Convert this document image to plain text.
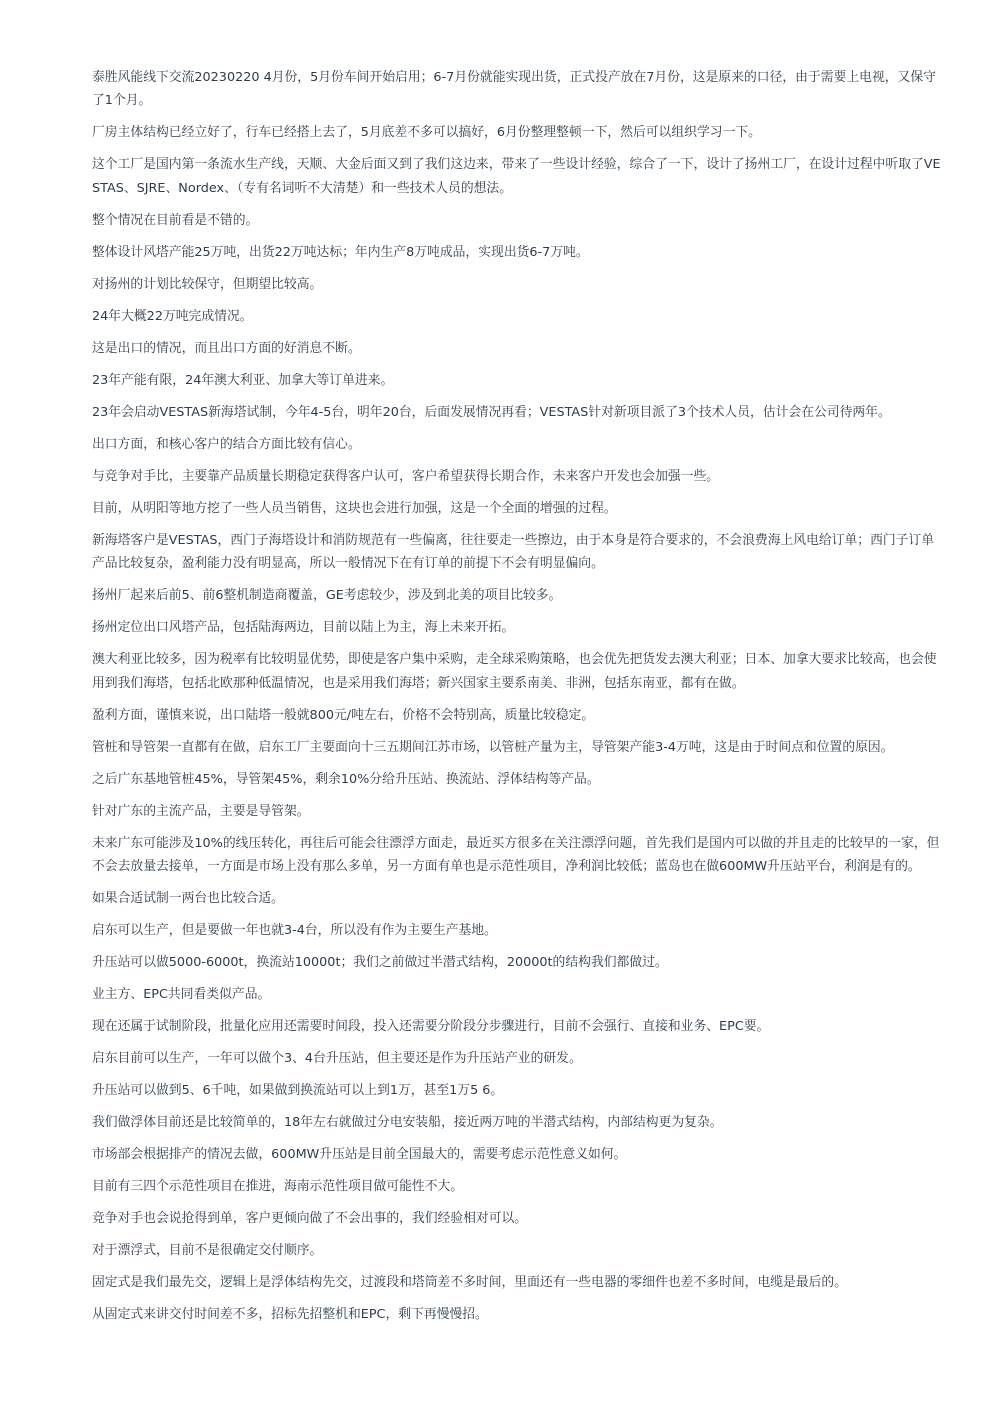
泰胜风能线下交流20230220 4月份，5月份车间开始启用；6-7月份就能实现出货，正式投产放在7月份，这是原来的口径，由于需要上电视，又保守了1个月。

厂房主体结构已经立好了，行车已经搭上去了，5月底差不多可以搞好，6月份整理整顿一下，然后可以组织学习一下。

这个工厂是国内第一条流水生产线，天顺、大金后面又到了我们这边来，带来了一些设计经验，综合了一下，设计了扬州工厂，在设计过程中听取了VESTAS、SJRE、Nordex、（专有名词听不大清楚）和一些技术人员的想法。

整个情况在目前看是不错的。

整体设计风塔产能25万吨，出货22万吨达标；年内生产8万吨成品，实现出货6-7万吨。

对扬州的计划比较保守，但期望比较高。

24年大概22万吨完成情况。

这是出口的情况，而且出口方面的好消息不断。

23年产能有限，24年澳大利亚、加拿大等订单进来。

23年会启动VESTAS新海塔试制，今年4-5台，明年20台，后面发展情况再看；VESTAS针对新项目派了3个技术人员，估计会在公司待两年。

出口方面，和核心客户的结合方面比较有信心。

与竞争对手比，主要靠产品质量长期稳定获得客户认可，客户希望获得长期合作，未来客户开发也会加强一些。

目前，从明阳等地方挖了一些人员当销售，这块也会进行加强，这是一个全面的增强的过程。

新海塔客户是VESTAS，西门子海塔设计和消防规范有一些偏离，往往要走一些擦边，由于本身是符合要求的，不会浪费海上风电给订单；西门子订单产品比较复杂，盈利能力没有明显高，所以一般情况下在有订单的前提下不会有明显偏向。

扬州厂起来后前5、前6整机制造商覆盖，GE考虑较少，涉及到北美的项目比较多。

扬州定位出口风塔产品，包括陆海两边，目前以陆上为主，海上未来开拓。

澳大利亚比较多，因为税率有比较明显优势，即使是客户集中采购，走全球采购策略，也会优先把货发去澳大利亚；日本、加拿大要求比较高，也会使用到我们海塔，包括北欧那种低温情况，也是采用我们海塔；新兴国家主要系南美、非洲，包括东南亚，都有在做。

盈利方面，谨慎来说，出口陆塔一般就800元/吨左右，价格不会特别高，质量比较稳定。

管桩和导管架一直都有在做，启东工厂主要面向十三五期间江苏市场，以管桩产量为主，导管架产能3-4万吨，这是由于时间点和位置的原因。

之后广东基地管桩45%，导管架45%，剩余10%分给升压站、换流站、浮体结构等产品。

针对广东的主流产品，主要是导管架。

未来广东可能涉及10%的线压转化，再往后可能会往漂浮方面走，最近买方很多在关注漂浮问题，首先我们是国内可以做的并且走的比较早的一家，但不会去放量去接单，一方面是市场上没有那么多单，另一方面有单也是示范性项目，净利润比较低；蓝岛也在做600MW升压站平台，利润是有的。

如果合适试制一两台也比较合适。

启东可以生产，但是要做一年也就3-4台，所以没有作为主要生产基地。

升压站可以做5000-6000t，换流站10000t；我们之前做过半潜式结构，20000t的结构我们都做过。

业主方、EPC共同看类似产品。

现在还属于试制阶段，批量化应用还需要时间段，投入还需要分阶段分步骤进行，目前不会强行、直接和业务、EPC要。

启东目前可以生产，一年可以做个3、4台升压站，但主要还是作为升压站产业的研发。

升压站可以做到5、6千吨，如果做到换流站可以上到1万，甚至1万5 6。

我们做浮体目前还是比较简单的，18年左右就做过分电安装船，接近两万吨的半潜式结构，内部结构更为复杂。

市场部会根据排产的情况去做，600MW升压站是目前全国最大的，需要考虑示范性意义如何。

目前有三四个示范性项目在推进，海南示范性项目做可能性不大。

竞争对手也会说抢得到单，客户更倾向做了不会出事的，我们经验相对可以。

对于漂浮式，目前不是很确定交付顺序。

固定式是我们最先交，逻辑上是浮体结构先交，过渡段和塔筒差不多时间，里面还有一些电器的零细件也差不多时间，电缆是最后的。

从固定式来讲交付时间差不多，招标先招整机和EPC，剩下再慢慢招。
